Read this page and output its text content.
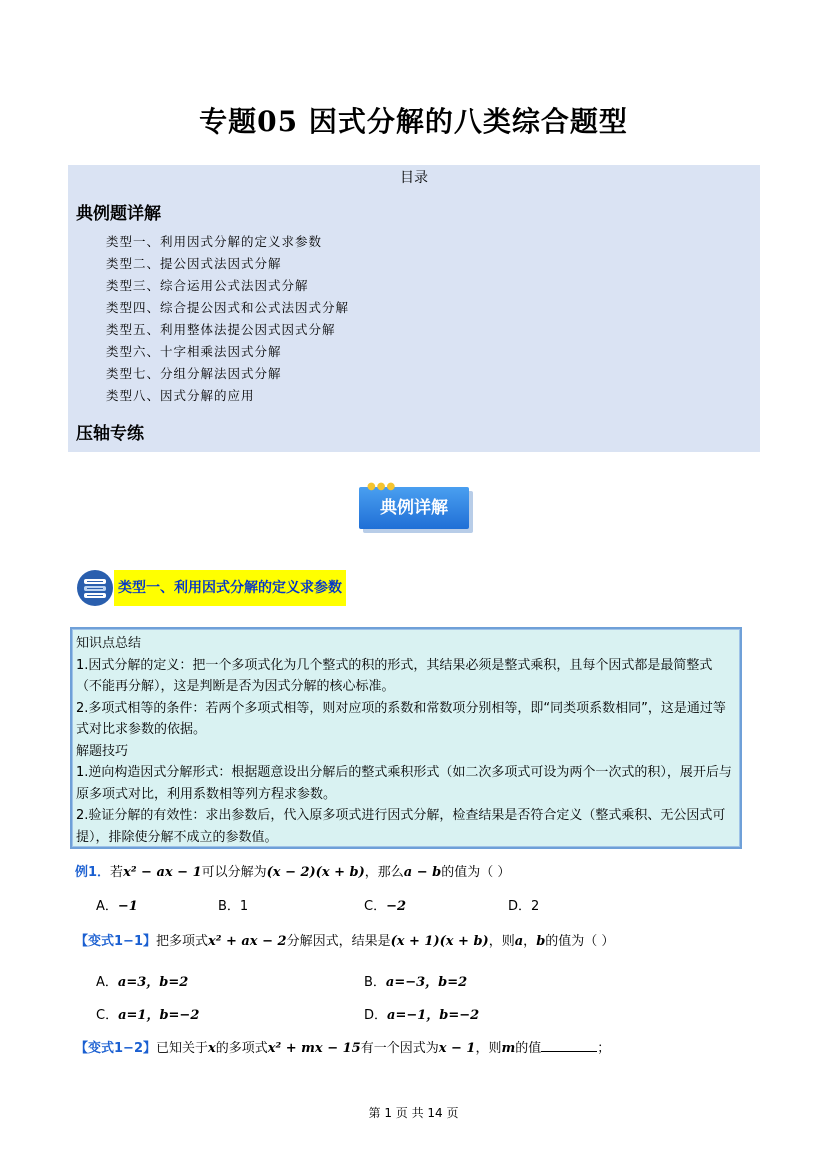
专题05 因式分解的八类综合题型
目录
典例题详解
类型一、利用因式分解的定义求参数
类型二、提公因式法因式分解
类型三、综合运用公式法因式分解
类型四、综合提公因式和公式法因式分解
类型五、利用整体法提公因式因式分解
类型六、十字相乘法因式分解
类型七、分组分解法因式分解
类型八、因式分解的应用
压轴专练
●●●
典例详解
类型一、利用因式分解的定义求参数

知识点总结

1.因式分解的定义：把一个多项式化为几个整式的积的形式，其结果必须是整式乘积，且每个因式都是最简整式（不能再分解），这是判断是否为因式分解的核心标准。

2.多项式相等的条件：若两个多项式相等，则对应项的系数和常数项分别相等，即“同类项系数相同”，这是通过等式对比求参数的依据。

解题技巧

1.逆向构造因式分解形式：根据题意设出分解后的整式乘积形式（如二次多项式可设为两个一次式的积），展开后与原多项式对比，利用系数相等列方程求参数。

2.验证分解的有效性：求出参数后，代入原多项式进行因式分解，检查结果是否符合定义（整式乘积、无公因式可提），排除使分解不成立的参数值。

例1．若x² − ax − 1可以分解为(x − 2)(x + b)，那么a − b的值为（ ）
A．−1	B．1	C．−2	D．2
【变式1−1】把多项式x² + ax − 2分解因式，结果是(x + 1)(x + b)，则a，b的值为（ ）
A．a=3，b=2	B．a=−3，b=2
C．a=1，b=−2	D．a=−1，b=−2
【变式1−2】已知关于x的多项式x² + mx − 15有一个因式为x − 1，则m的值	；
第 1 页 共 14 页
